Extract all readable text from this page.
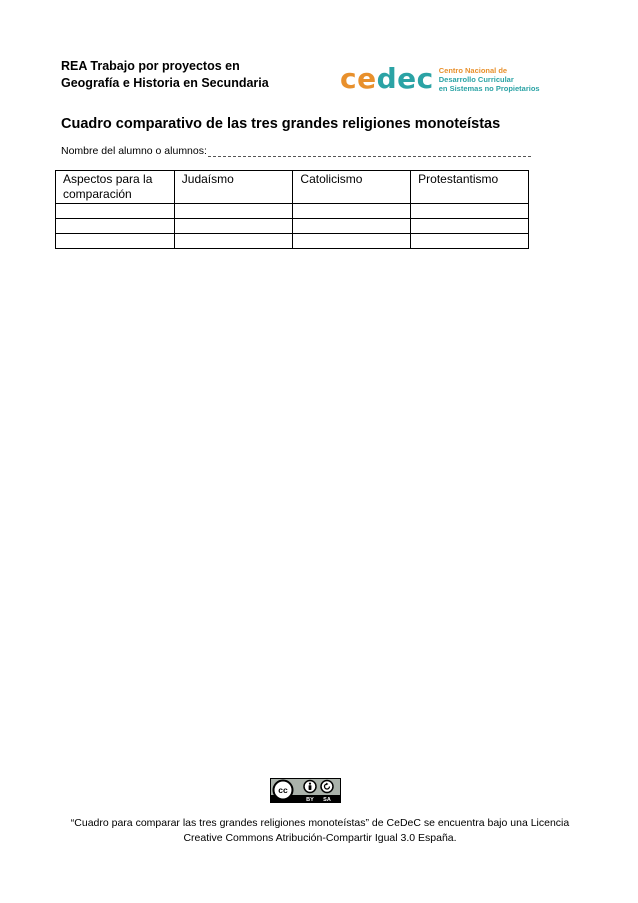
REA Trabajo por proyectos en
Geografía e Historia en Secundaria	cedec Centro Nacional de
Desarrollo Curricular
en Sistemas no Propietarios
Cuadro comparativo de las tres grandes religiones monoteístas
Nombre del alumno o alumnos:
Aspectos para la comparación	Judaísmo	Catolicismo	Protestantismo

cc
BY SA
“Cuadro para comparar las tres grandes religiones monoteístas” de CeDeC se encuentra bajo una Licencia
Creative Commons Atribución-Compartir Igual 3.0 España.
